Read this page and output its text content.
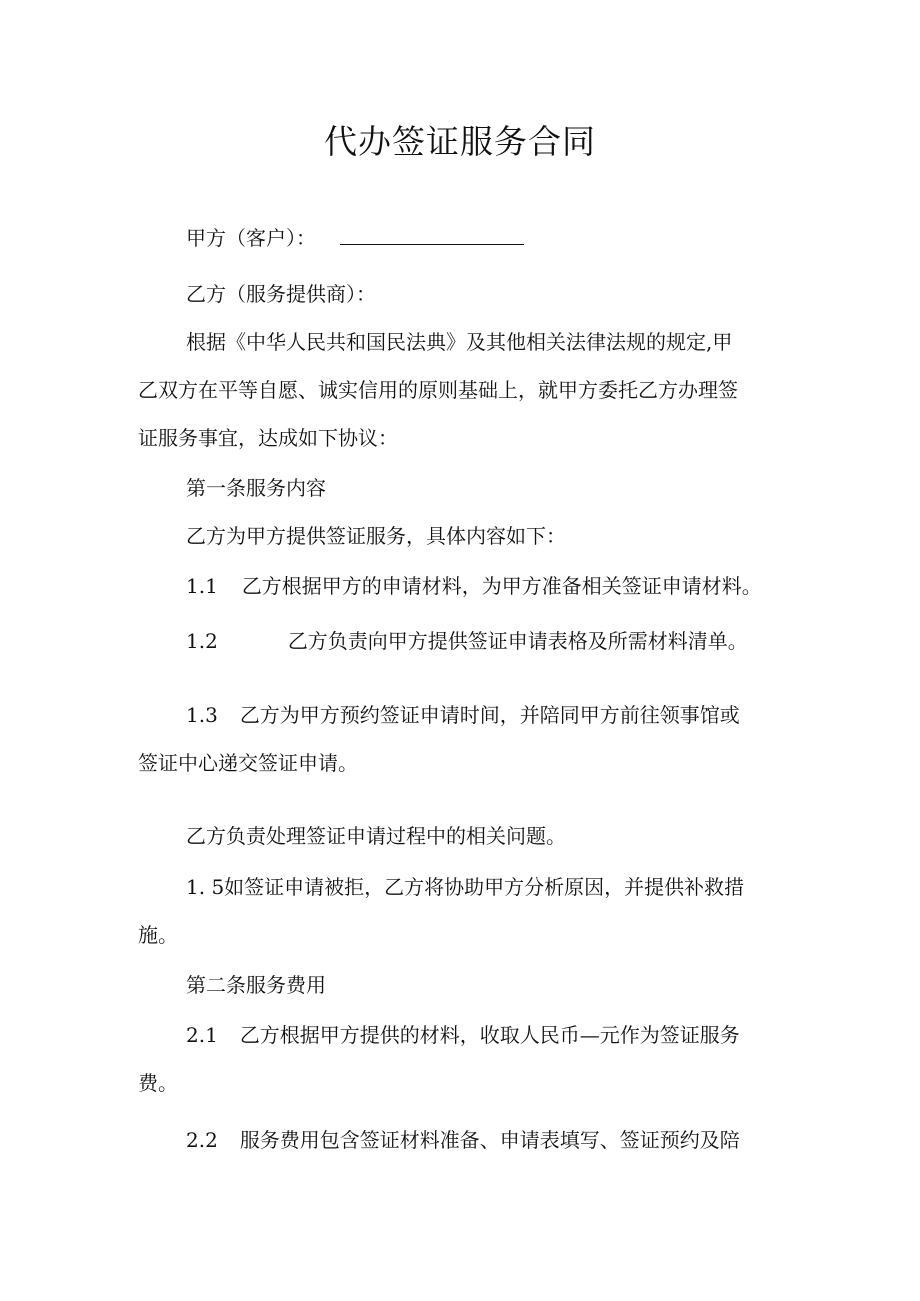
代办签证服务合同
甲方（客户）：
乙方（服务提供商）：
根据《中华人民共和国民法典》及其他相关法律法规的规定,甲
乙双方在平等自愿、诚实信用的原则基础上，就甲方委托乙方办理签
证服务事宜，达成如下协议：
第一条服务内容
乙方为甲方提供签证服务，具体内容如下：
1.1 乙方根据甲方的申请材料，为甲方准备相关签证申请材料。
1.2	乙方负责向甲方提供签证申请表格及所需材料清单。
1.3 乙方为甲方预约签证申请时间，并陪同甲方前往领事馆或
签证中心递交签证申请。
乙方负责处理签证申请过程中的相关问题。
1. 5如签证申请被拒，乙方将协助甲方分析原因，并提供补救措
施。
第二条服务费用
2.1 乙方根据甲方提供的材料，收取人民币—元作为签证服务
费。
2.2 服务费用包含签证材料准备、申请表填写、签证预约及陪
